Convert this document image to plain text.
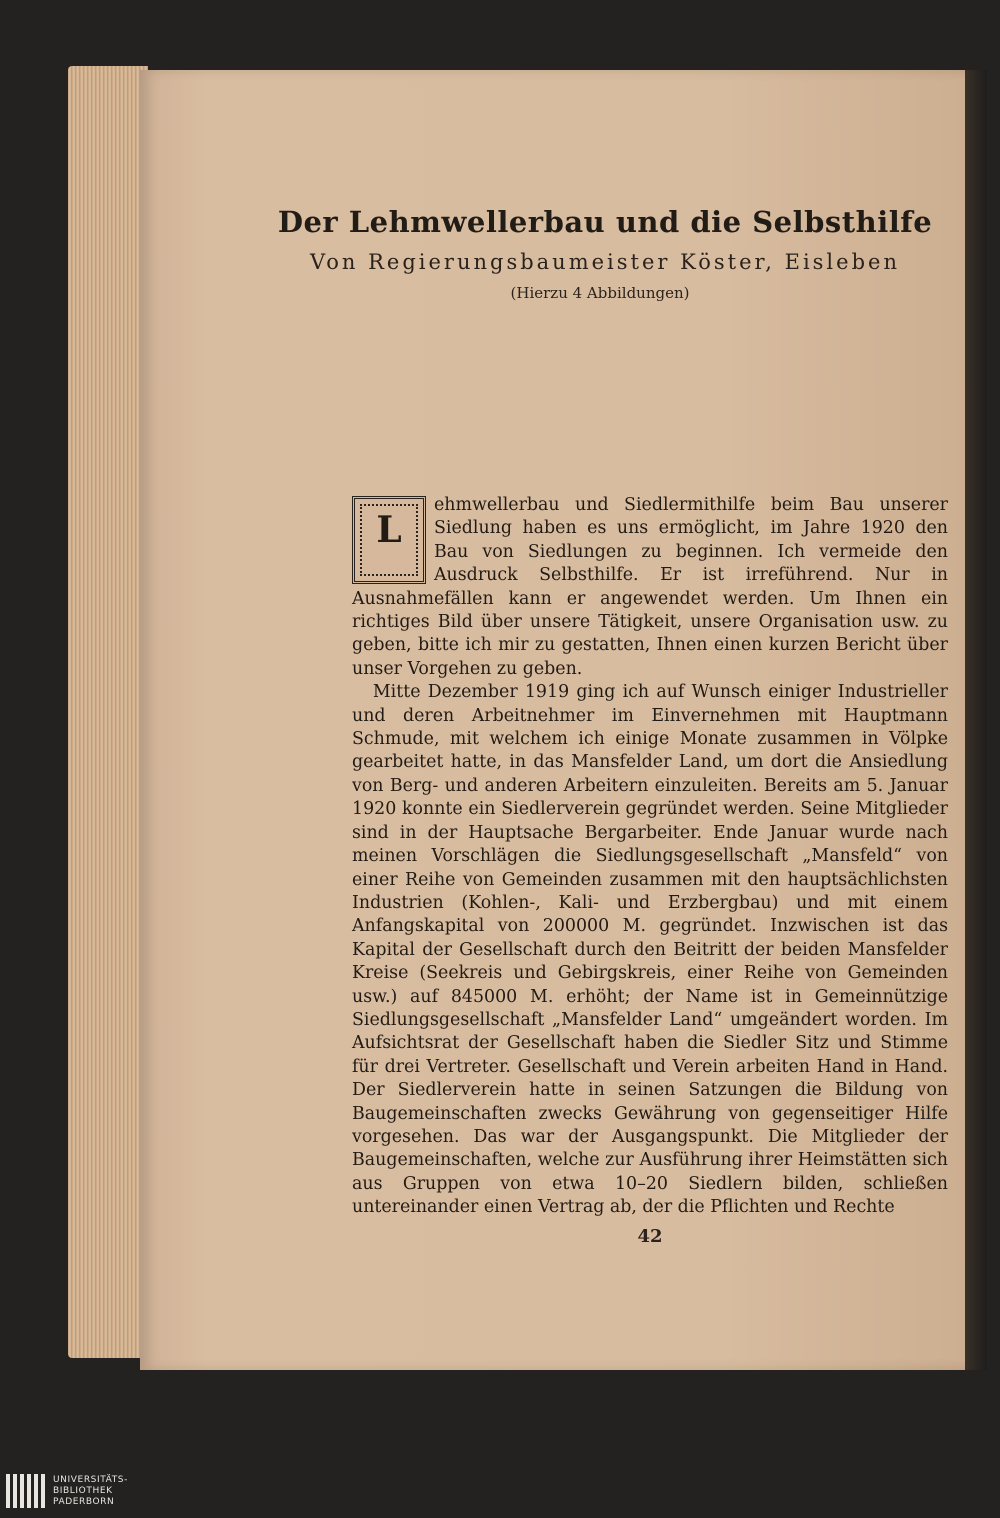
Der Lehmwellerbau und die Selbsthilfe
Von Regierungsbaumeister Köster, Eisleben
(Hierzu 4 Abbildungen)

L
ehmwellerbau und Siedlermithilfe beim Bau unserer Siedlung haben es uns ermöglicht, im Jahre 1920 den Bau von Siedlungen zu beginnen. Ich vermeide den Ausdruck Selbsthilfe. Er ist irreführend. Nur in Ausnahmefällen kann er angewendet werden. Um Ihnen ein richtiges Bild über unsere Tätigkeit, unsere Organisation usw. zu geben, bitte ich mir zu gestatten, Ihnen einen kurzen Bericht über unser Vorgehen zu geben.

Mitte Dezember 1919 ging ich auf Wunsch einiger Industrieller und deren Arbeitnehmer im Einvernehmen mit Hauptmann Schmude, mit welchem ich einige Monate zusammen in Völpke gearbeitet hatte, in das Mansfelder Land, um dort die Ansiedlung von Berg- und anderen Arbeitern einzuleiten. Bereits am 5. Januar 1920 konnte ein Siedlerverein gegründet werden. Seine Mitglieder sind in der Hauptsache Bergarbeiter. Ende Januar wurde nach meinen Vorschlägen die Siedlungsgesellschaft „Mansfeld“ von einer Reihe von Gemeinden zusammen mit den hauptsächlichsten Industrien (Kohlen-, Kali- und Erzbergbau) und mit einem Anfangskapital von 200000 M. gegründet. Inzwischen ist das Kapital der Gesellschaft durch den Beitritt der beiden Mansfelder Kreise (Seekreis und Gebirgskreis, einer Reihe von Gemeinden usw.) auf 845000 M. erhöht; der Name ist in Gemeinnützige Siedlungsgesellschaft „Mansfelder Land“ umgeändert worden. Im Aufsichtsrat der Gesellschaft haben die Siedler Sitz und Stimme für drei Vertreter. Gesellschaft und Verein arbeiten Hand in Hand. Der Siedlerverein hatte in seinen Satzungen die Bildung von Baugemeinschaften zwecks Gewährung von gegenseitiger Hilfe vorgesehen. Das war der Ausgangspunkt. Die Mitglieder der Baugemeinschaften, welche zur Ausführung ihrer Heimstätten sich aus Gruppen von etwa 10–20 Siedlern bilden, schließen untereinander einen Vertrag ab, der die Pflichten und Rechte

42
UNIVERSITÄTS-
BIBLIOTHEK
PADERBORN
